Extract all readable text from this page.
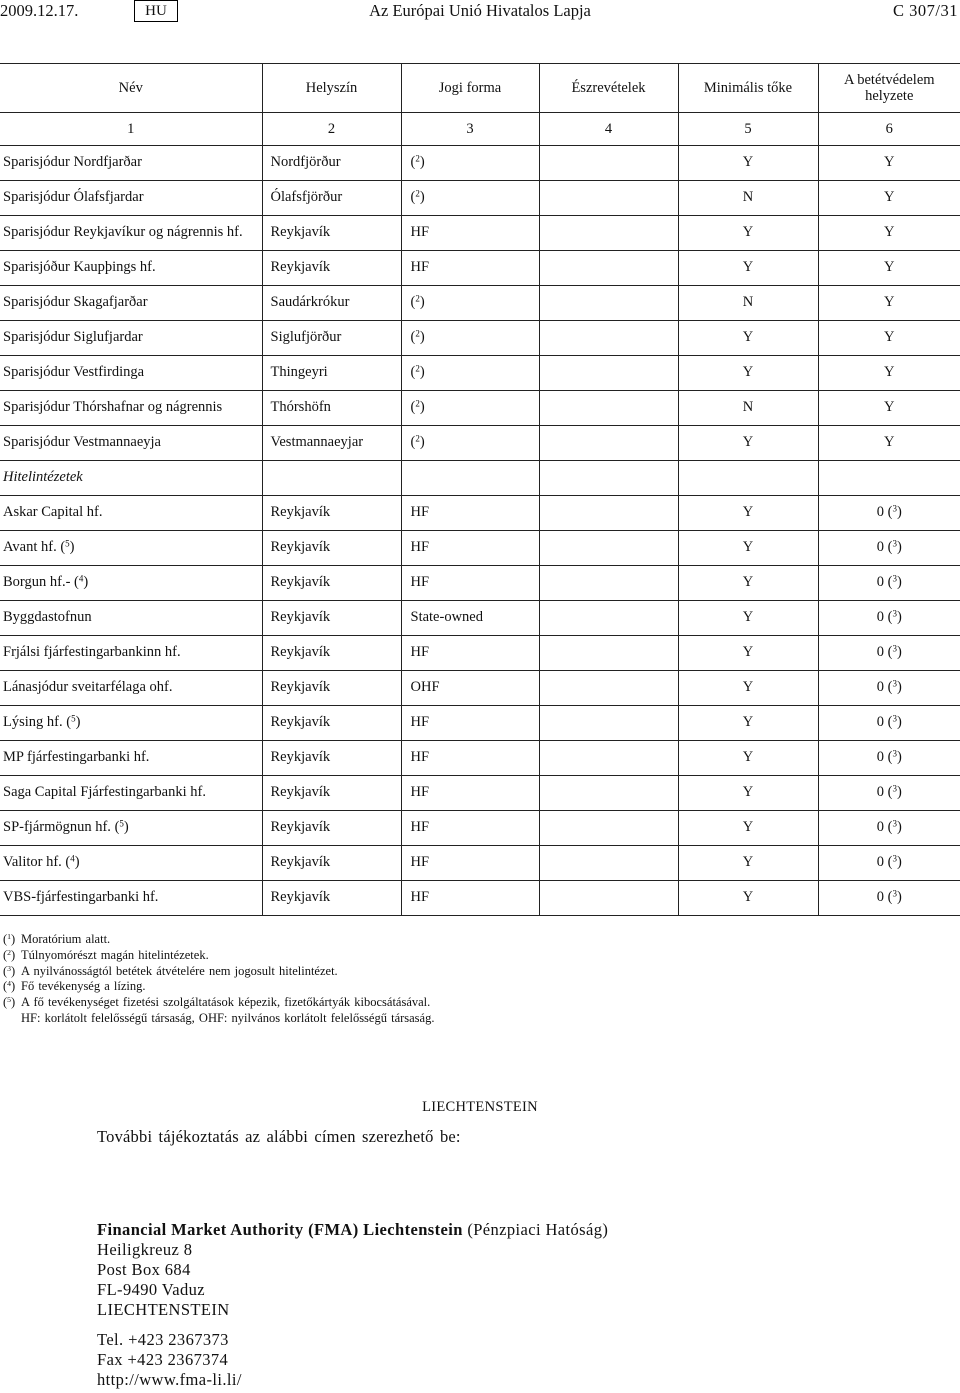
2009.12.17.	HU	Az Európai Unió Hivatalos Lapja	C 307/31
Név	Helyszín	Jogi forma	Észrevételek	Minimális tőke	A betétvédelem helyzete
1	2	3	4	5	6
Sparisjódur Nordfjarðar	Nordfjörður	($^2$)		Y	Y
Sparisjódur Ólafsfjardar	Ólafsfjörður	($^2$)		N	Y
Sparisjódur Reykjavíkur og nágrennis hf.	Reykjavík	HF		Y	Y
Sparisjóður Kaupþings hf.	Reykjavík	HF		Y	Y
Sparisjódur Skagafjarðar	Saudárkrókur	($^2$)		N	Y
Sparisjódur Siglufjardar	Siglufjörður	($^2$)		Y	Y
Sparisjódur Vestfirdinga	Thingeyri	($^2$)		Y	Y
Sparisjódur Thórshafnar og nágrennis	Thórshöfn	($^2$)		N	Y
Sparisjódur Vestmannaeyja	Vestmannaeyjar	($^2$)		Y	Y
Hitelintézetek					
Askar Capital hf.	Reykjavík	HF		Y	0 ($^3$)
Avant hf. ($^5$)	Reykjavík	HF		Y	0 ($^3$)
Borgun hf.- ($^4$)	Reykjavík	HF		Y	0 ($^3$)
Byggdastofnun	Reykjavík	State-owned		Y	0 ($^3$)
Frjálsi fjárfestingarbankinn hf.	Reykjavík	HF		Y	0 ($^3$)
Lánasjódur sveitarfélaga ohf.	Reykjavík	OHF		Y	0 ($^3$)
Lýsing hf. ($^5$)	Reykjavík	HF		Y	0 ($^3$)
MP fjárfestingarbanki hf.	Reykjavík	HF		Y	0 ($^3$)
Saga Capital Fjárfestingarbanki hf.	Reykjavík	HF		Y	0 ($^3$)
SP-fjármögnun hf. ($^5$)	Reykjavík	HF		Y	0 ($^3$)
Valitor hf. ($^4$)	Reykjavík	HF		Y	0 ($^3$)
VBS-fjárfestingarbanki hf.	Reykjavík	HF		Y	0 ($^3$)
($^1$) Moratórium alatt.
($^2$) Túlnyomórészt magán hitelintézetek.
($^3$) A nyilvánosságtól betétek átvételére nem jogosult hitelintézet.
($^4$) Fő tevékenység a lízing.
($^5$) A fő tevékenységet fizetési szolgáltatások képezik, fizetőkártyák kibocsátásával.
HF: korlátolt felelősségű társaság, OHF: nyilvános korlátolt felelősségű társaság.
LIECHTENSTEIN
További tájékoztatás az alábbi címen szerezhető be:
Financial Market Authority (FMA) Liechtenstein (Pénzpiaci Hatóság)
Heiligkreuz 8
Post Box 684
FL-9490 Vaduz
LIECHTENSTEIN
Tel. +423 2367373
Fax +423 2367374
http://www.fma-li.li/
